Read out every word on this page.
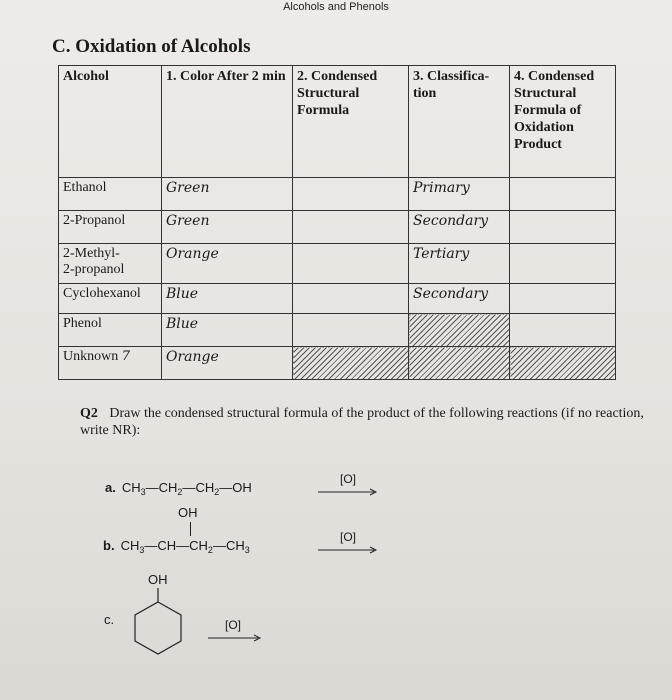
Alcohols and Phenols
C. Oxidation of Alcohols
Alcohol	1. Color After 2 min	2. Condensed Structural Formula	3. Classifica-tion	4. Condensed Structural Formula of Oxidation Product
Ethanol	Green		Primary	
2-Propanol	Green		Secondary	

2-Methyl-
2-propanol	Orange		Tertiary	
Cyclohexanol	Blue		Secondary	
Phenol	Blue			
Unknown 7	Orange			
Q2 Draw the condensed structural formula of the product of the following reactions (if no reaction, write NR):
a. $CH_3—CH_2—CH_2—OH$
[O]
OH
b. $CH_3—CH—CH_2—CH_3$
[O]
OH
c.	[O]
